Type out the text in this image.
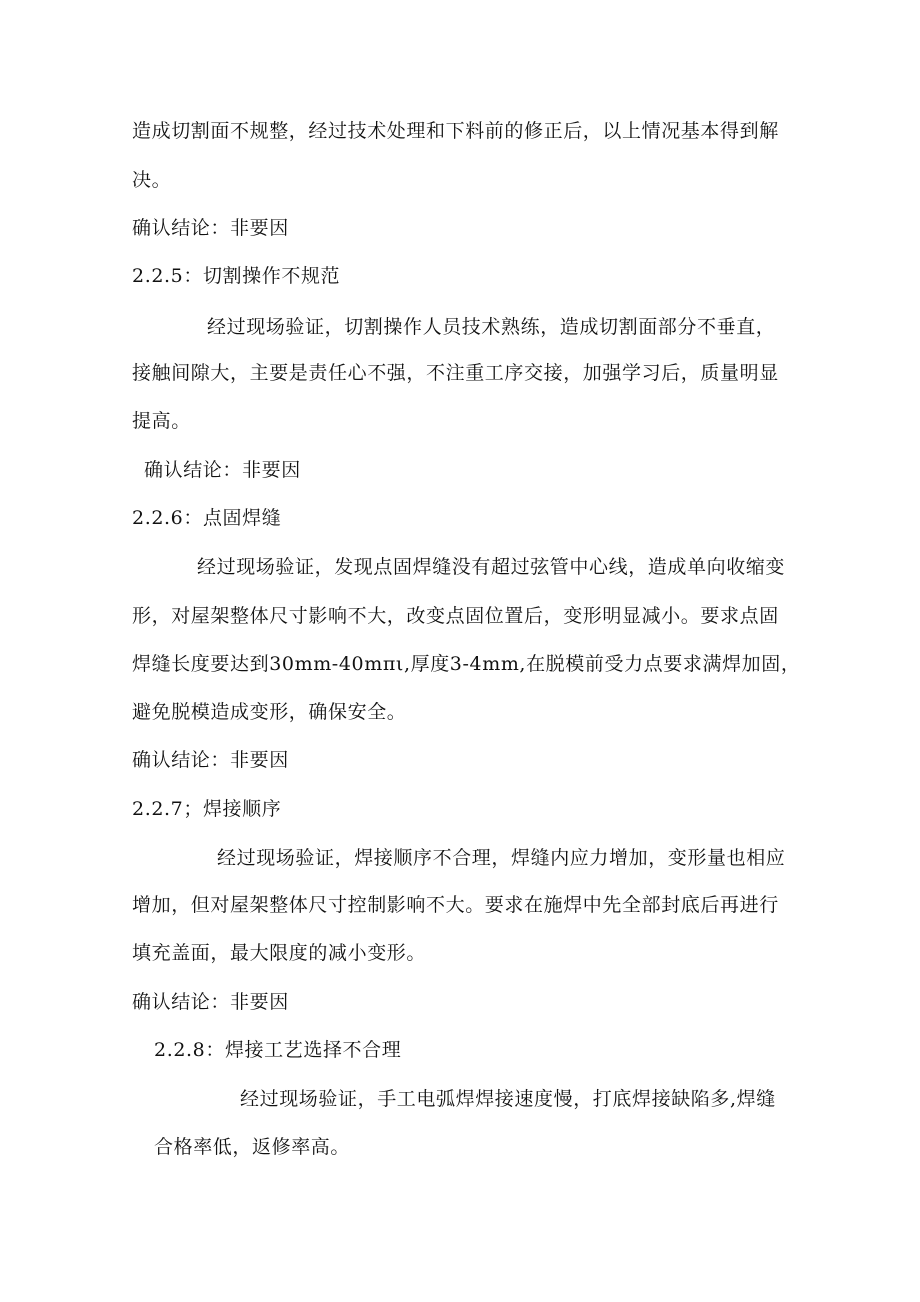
造成切割面不规整，经过技术处理和下料前的修正后，以上情况基本得到解
决。
确认结论：非要因
2.2.5：切割操作不规范
经过现场验证，切割操作人员技术熟练，造成切割面部分不垂直，
接触间隙大，主要是责任心不强，不注重工序交接，加强学习后，质量明显
提高。
确认结论：非要因
2.2.6：点固焊缝
经过现场验证，发现点固焊缝没有超过弦管中心线，造成单向收缩变
形，对屋架整体尺寸影响不大，改变点固位置后，变形明显减小。要求点固
焊缝长度要达到30mm-40mπι,厚度3-4mm,在脱模前受力点要求满焊加固，
避免脱模造成变形，确保安全。
确认结论：非要因
2.2.7；焊接顺序
经过现场验证，焊接顺序不合理，焊缝内应力增加，变形量也相应
增加，但对屋架整体尺寸控制影响不大。要求在施焊中先全部封底后再进行
填充盖面，最大限度的减小变形。
确认结论：非要因
2.2.8：焊接工艺选择不合理
经过现场验证，手工电弧焊焊接速度慢，打底焊接缺陷多,焊缝
合格率低，返修率高。
